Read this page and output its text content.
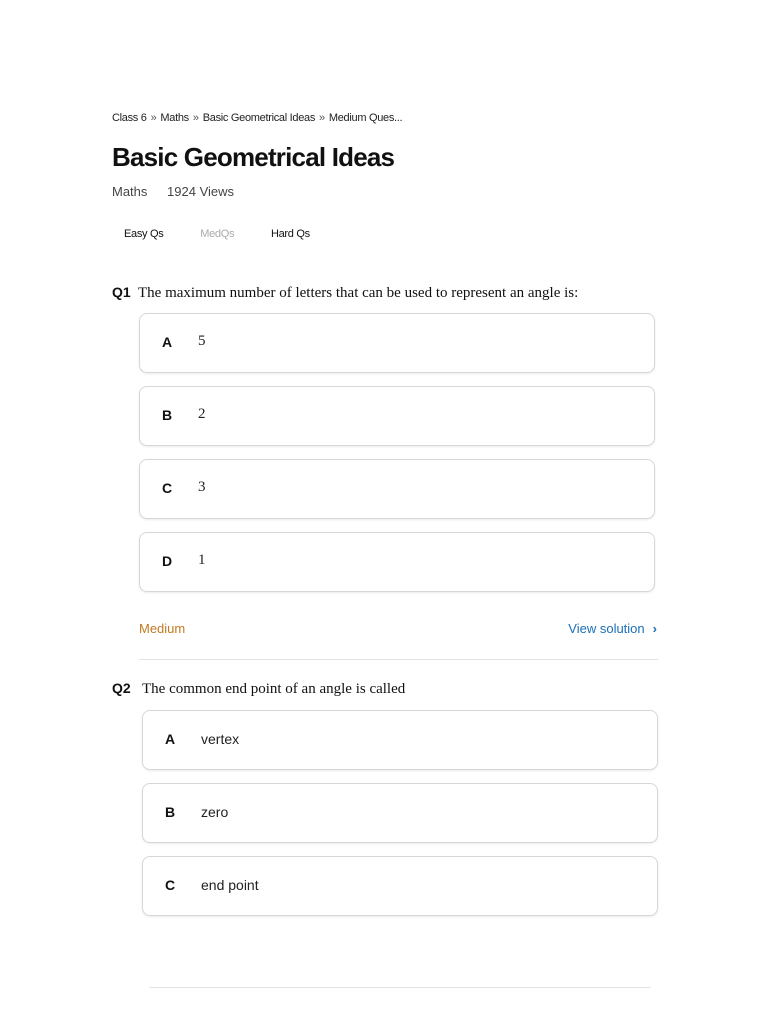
Class 6 » Maths » Basic Geometrical Ideas » Medium Ques...
Basic Geometrical Ideas
Maths 1924 Views
Easy Qs	MedQs	Hard Qs
Q1 The maximum number of letters that can be used to represent an angle is:
A 5
B 2
C 3
D 1
Medium	View solution ›
Q2 The common end point of an angle is called
A vertex
B zero
C end point
